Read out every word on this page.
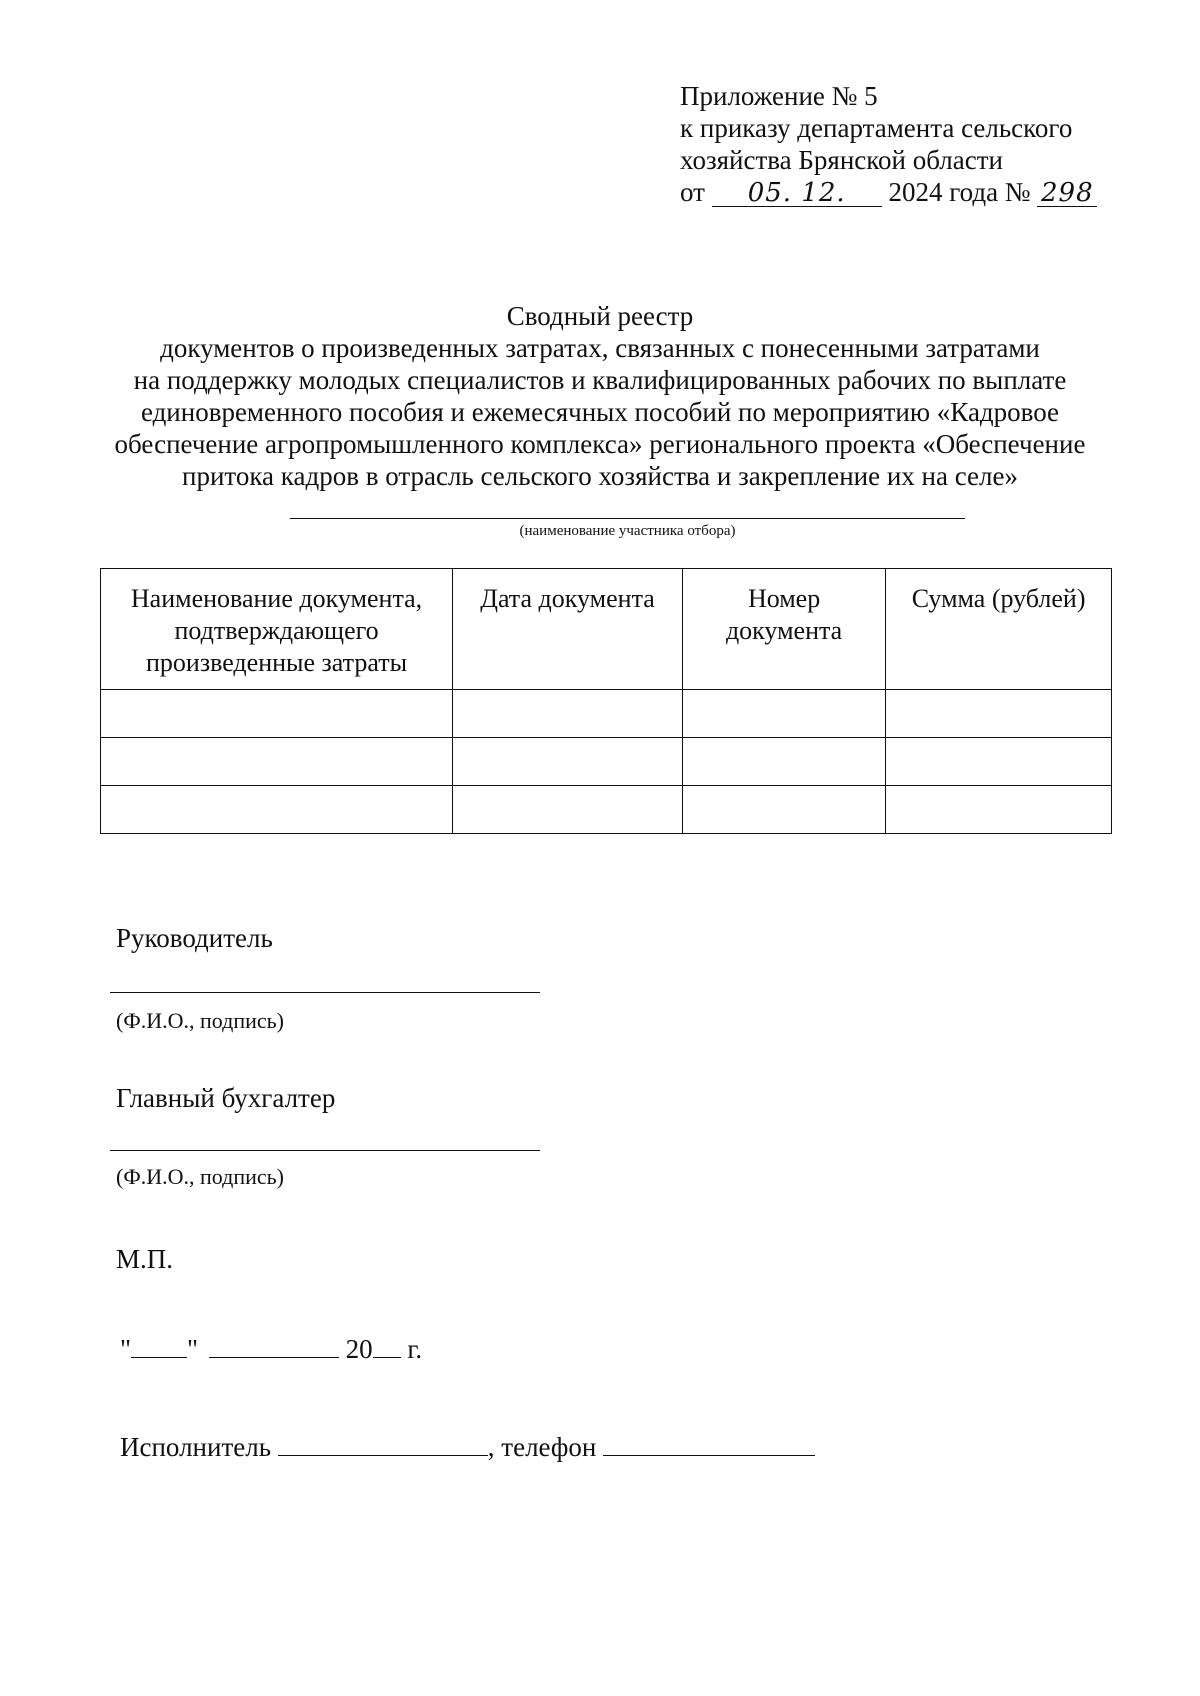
Приложение № 5
к приказу департамента сельского
хозяйства Брянской области
от 05. 12. 2024 года № 298
Сводный реестр
документов о произведенных затратах, связанных с понесенными затратами
на поддержку молодых специалистов и квалифицированных рабочих по выплате
единовременного пособия и ежемесячных пособий по мероприятию «Кадровое
обеспечение агропромышленного комплекса» регионального проекта «Обеспечение
притока кадров в отрасль сельского хозяйства и закрепление их на селе»
(наименование участника отбора)
Наименование документа, подтверждающего произведенные затраты	Дата документа	Номер документа	Сумма (рублей)

Руководитель
(Ф.И.О., подпись)
Главный бухгалтер
(Ф.И.О., подпись)
М.П.
" "	20 г.
Исполнитель	, телефон
